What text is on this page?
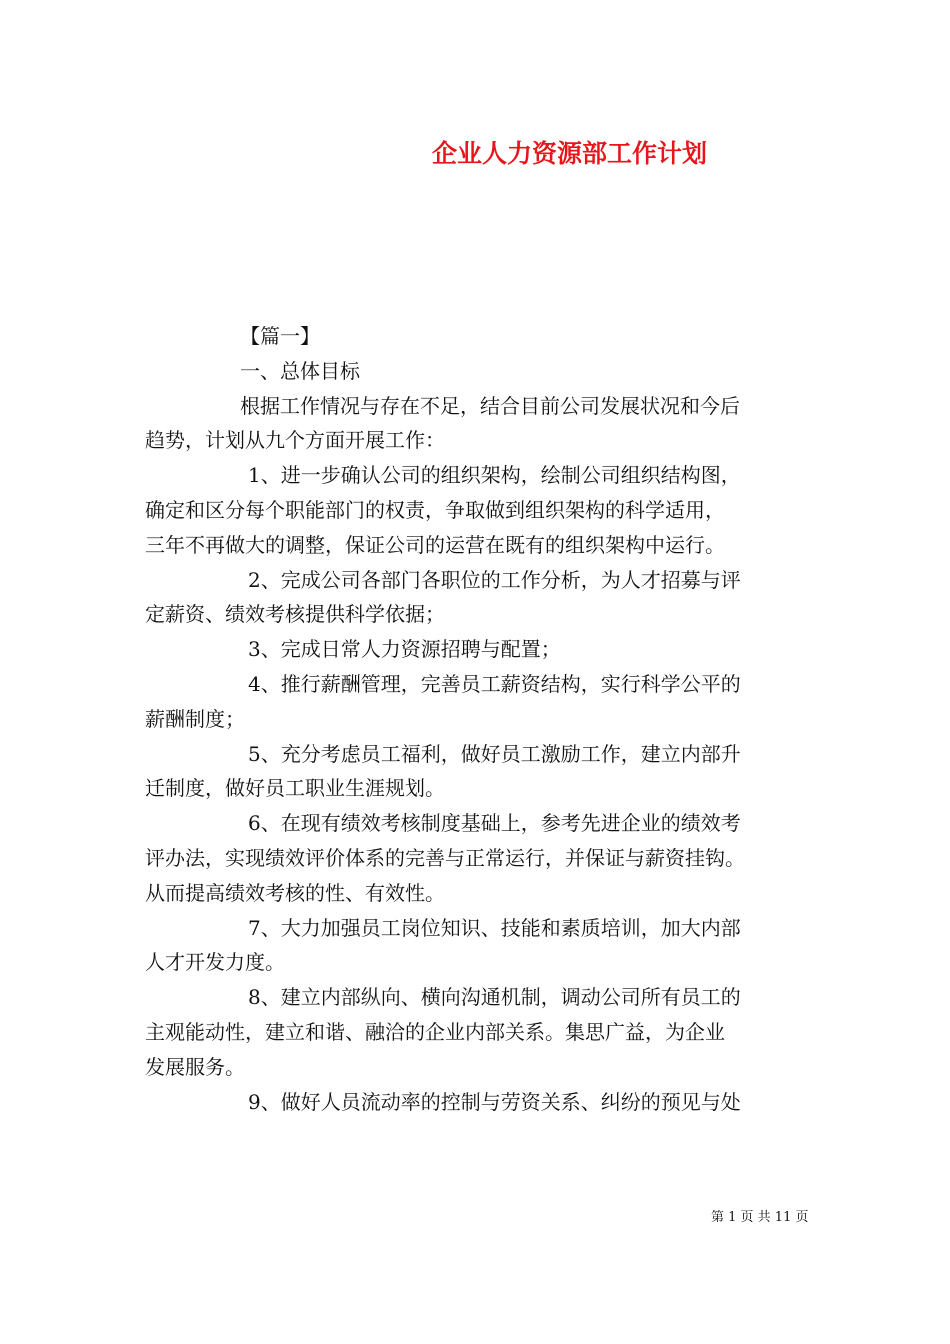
企业人力资源部工作计划
【篇一】
一、总体目标
根据工作情况与存在不足，结合目前公司发展状况和今后
趋势，计划从九个方面开展工作：
1、进一步确认公司的组织架构，绘制公司组织结构图，
确定和区分每个职能部门的权责，争取做到组织架构的科学适用，
三年不再做大的调整，保证公司的运营在既有的组织架构中运行。
2、完成公司各部门各职位的工作分析，为人才招募与评
定薪资、绩效考核提供科学依据；
3、完成日常人力资源招聘与配置；
4、推行薪酬管理，完善员工薪资结构，实行科学公平的
薪酬制度；
5、充分考虑员工福利，做好员工激励工作，建立内部升
迁制度，做好员工职业生涯规划。
6、在现有绩效考核制度基础上，参考先进企业的绩效考
评办法，实现绩效评价体系的完善与正常运行，并保证与薪资挂钩。
从而提高绩效考核的性、有效性。
7、大力加强员工岗位知识、技能和素质培训，加大内部
人才开发力度。
8、建立内部纵向、横向沟通机制，调动公司所有员工的
主观能动性，建立和谐、融洽的企业内部关系。集思广益，为企业
发展服务。
9、做好人员流动率的控制与劳资关系、纠纷的预见与处
第 1 页 共 11 页
